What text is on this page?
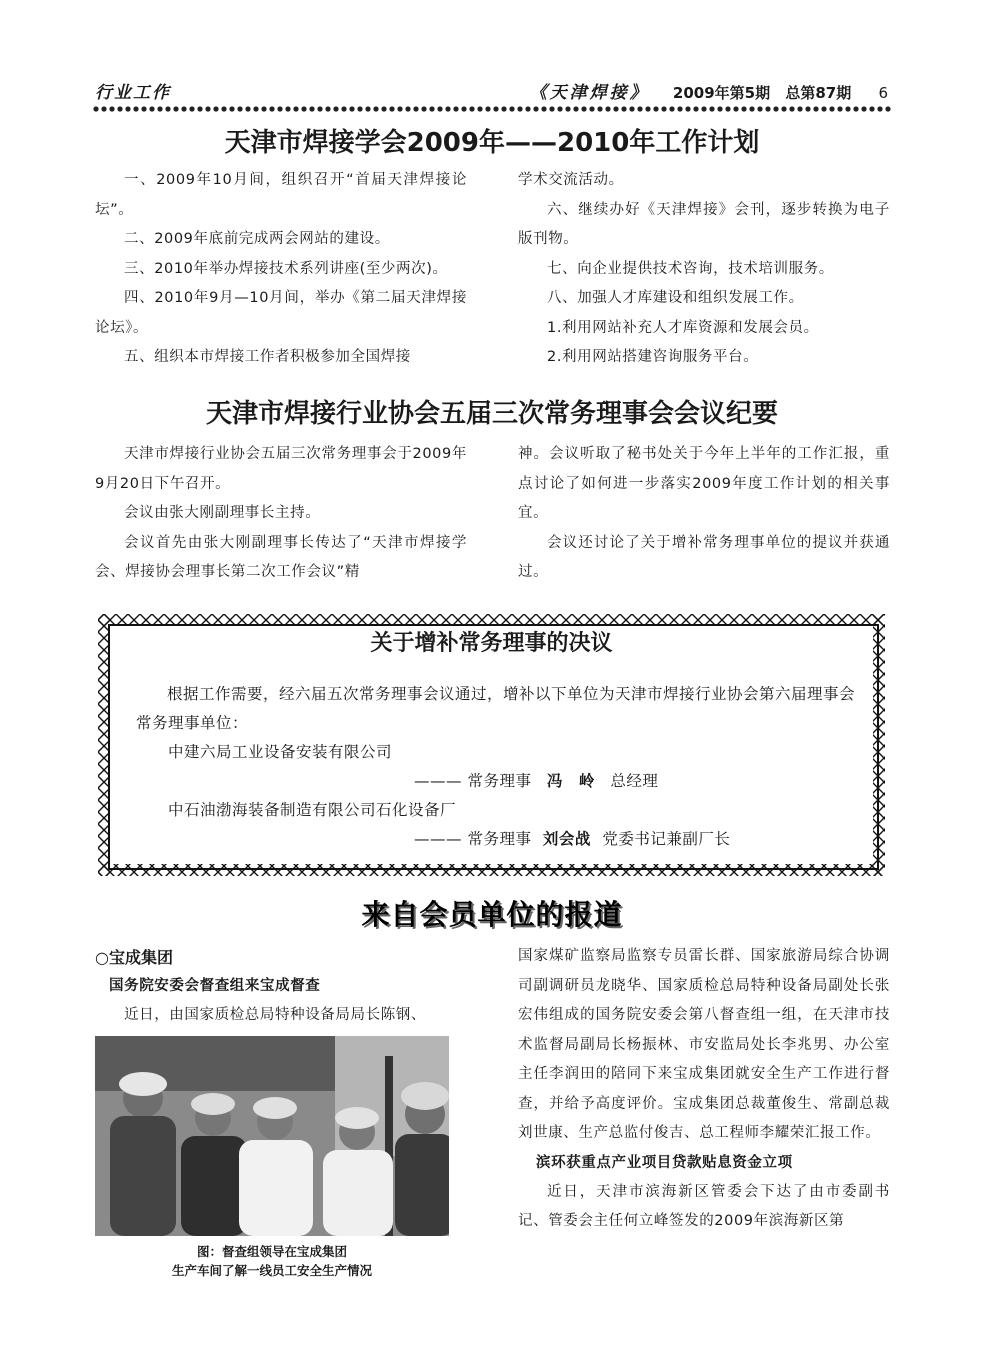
行业工作	《天津焊接》 2009年第5期 总第87期 6
天津市焊接学会2009年——2010年工作计划

一、2009年10月间，组织召开“首届天津焊接论坛”。

二、2009年底前完成两会网站的建设。

三、2010年举办焊接技术系列讲座(至少两次)。

四、2010年9月—10月间，举办《第二届天津焊接论坛》。

五、组织本市焊接工作者积极参加全国焊接

学术交流活动。

六、继续办好《天津焊接》会刊，逐步转换为电子版刊物。

七、向企业提供技术咨询，技术培训服务。

八、加强人才库建设和组织发展工作。

1.利用网站补充人才库资源和发展会员。

2.利用网站搭建咨询服务平台。

天津市焊接行业协会五届三次常务理事会会议纪要

天津市焊接行业协会五届三次常务理事会于2009年9月20日下午召开。

会议由张大刚副理事长主持。

会议首先由张大刚副理事长传达了“天津市焊接学会、焊接协会理事长第二次工作会议”精

神。会议听取了秘书处关于今年上半年的工作汇报，重点讨论了如何进一步落实2009年度工作计划的相关事宜。

会议还讨论了关于增补常务理事单位的提议并获通过。

关于增补常务理事的决议

根据工作需要，经六届五次常务理事会议通过，增补以下单位为天津市焊接行业协会第六届理事会常务理事单位：

中建六局工业设备安装有限公司

——— 常务理事 冯　岭 总经理

中石油渤海装备制造有限公司石化设备厂

——— 常务理事 刘会战 党委书记兼副厂长

来自会员单位的报道
○宝成集团
国务院安委会督查组来宝成督查

近日，由国家质检总局特种设备局局长陈钢、

图：督查组领导在宝成集团
生产车间了解一线员工安全生产情况

国家煤矿监察局监察专员雷长群、国家旅游局综合协调司副调研员龙晓华、国家质检总局特种设备局副处长张宏伟组成的国务院安委会第八督查组一组，在天津市技术监督局副局长杨振林、市安监局处长李兆男、办公室主任李润田的陪同下来宝成集团就安全生产工作进行督查，并给予高度评价。宝成集团总裁董俊生、常副总裁刘世康、生产总监付俊吉、总工程师李耀荣汇报工作。

滨环获重点产业项目贷款贴息资金立项

近日，天津市滨海新区管委会下达了由市委副书记、管委会主任何立峰签发的2009年滨海新区第
